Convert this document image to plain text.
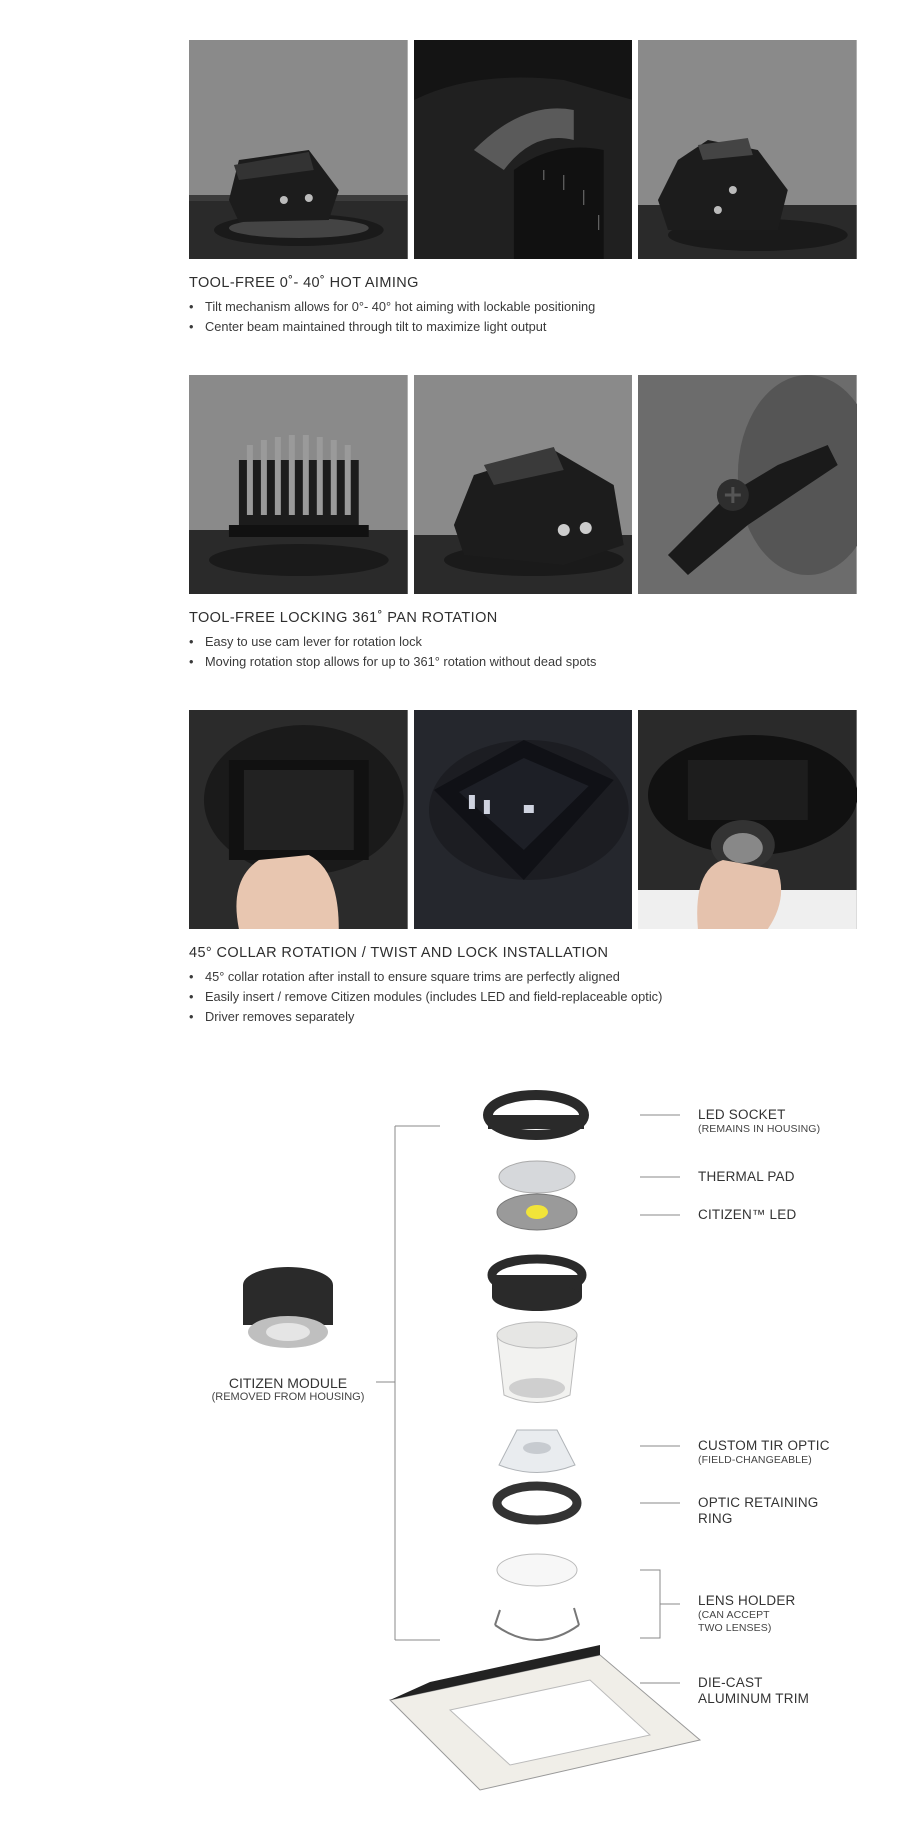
TOOL-FREE 0˚- 40˚ HOT AIMING
• Tilt mechanism allows for 0°- 40° hot aiming with lockable positioning
• Center beam maintained through tilt to maximize light output
TOOL-FREE LOCKING 361˚ PAN ROTATION
• Easy to use cam lever for rotation lock
• Moving rotation stop allows for up to 361° rotation without dead spots
45° COLLAR ROTATION / TWIST AND LOCK INSTALLATION
• 45° collar rotation after install to ensure square trims are perfectly aligned
• Easily insert / remove Citizen modules (includes LED and field-replaceable optic)
• Driver removes separately
CITIZEN MODULE
(REMOVED FROM HOUSING)
LED SOCKET
(REMAINS IN HOUSING)
THERMAL PAD
CITIZEN™ LED
CUSTOM TIR OPTIC
(FIELD-CHANGEABLE)
OPTIC RETAINING
RING
LENS HOLDER
(CAN ACCEPT
TWO LENSES)
DIE-CAST
ALUMINUM TRIM
